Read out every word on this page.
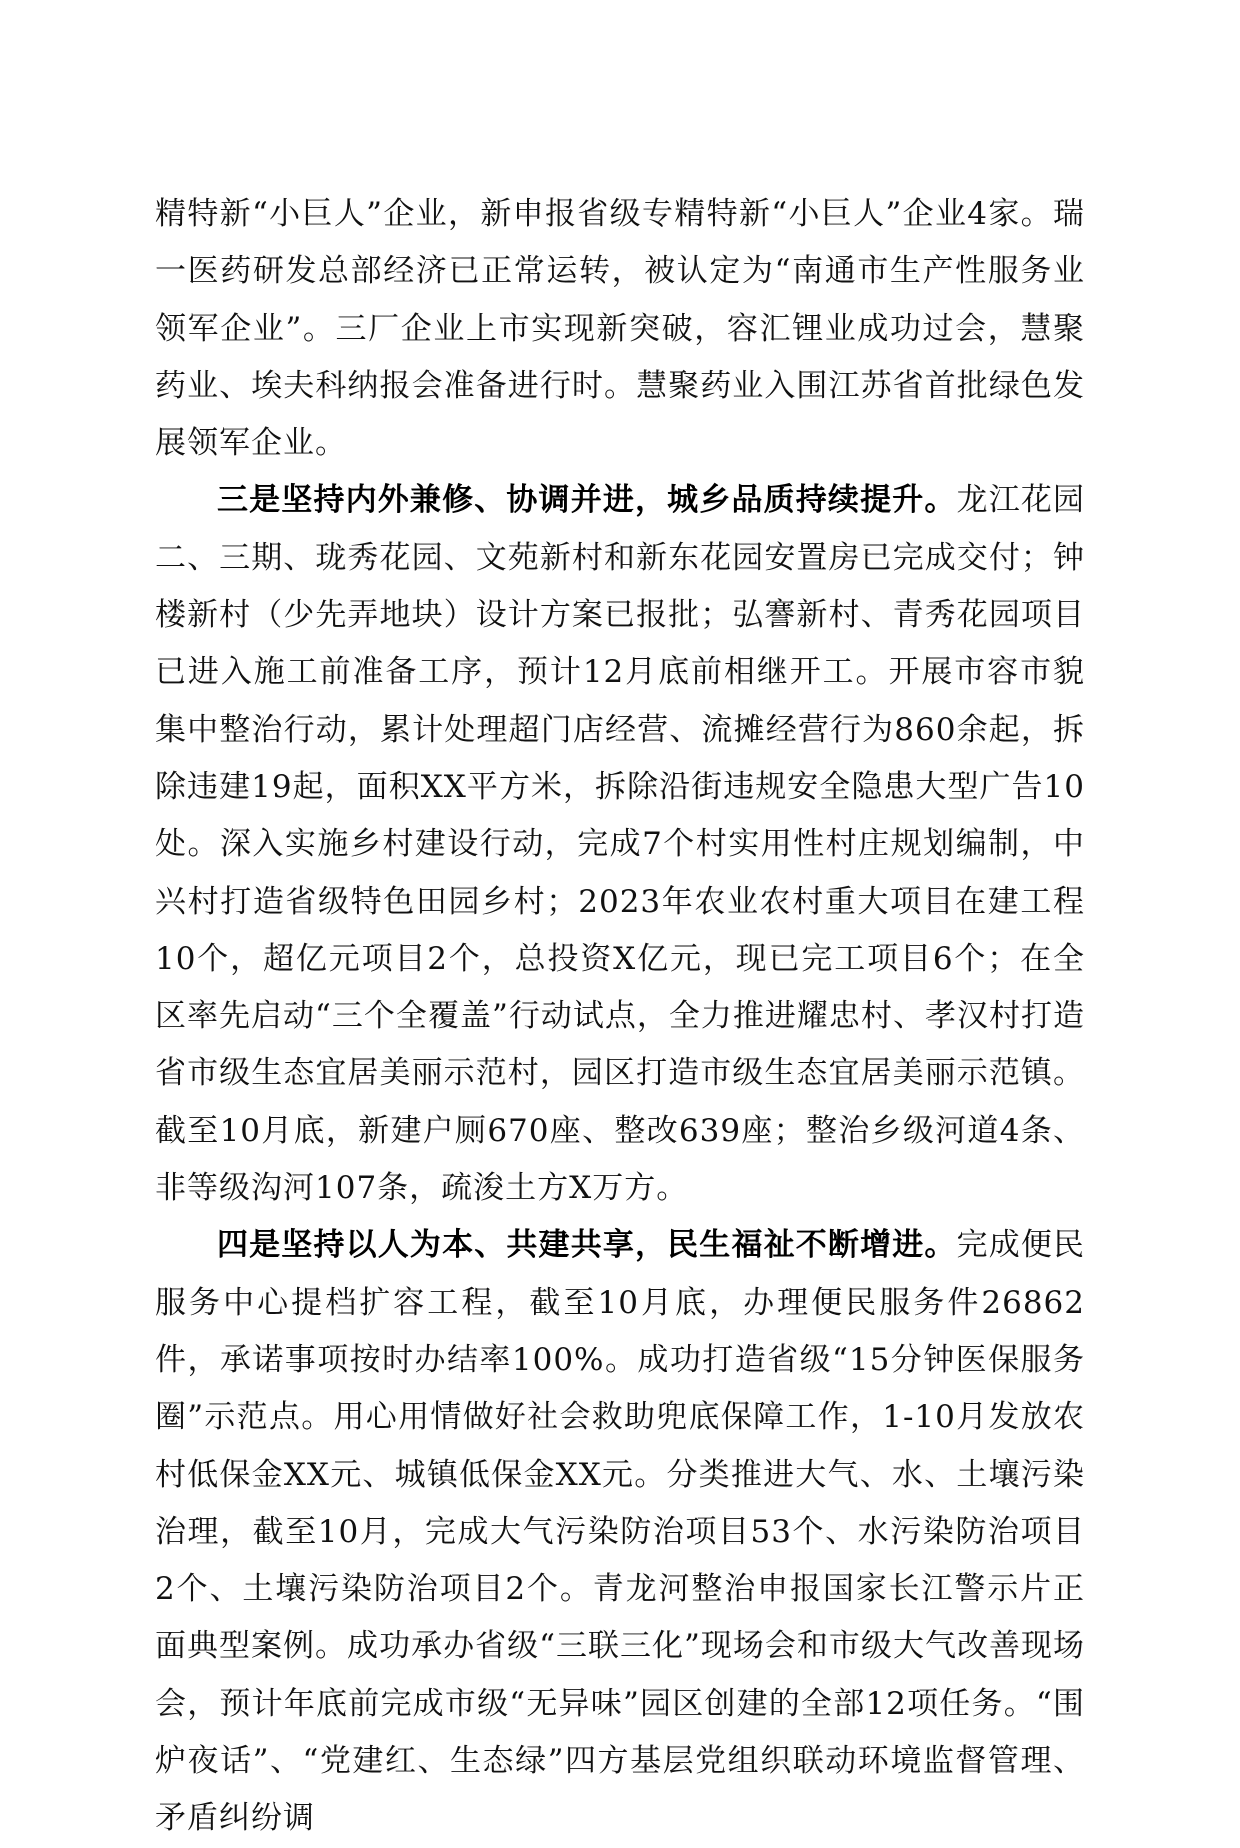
精特新“小巨人”企业，新申报省级专精特新“小巨人”企业4家。瑞一医药研发总部经济已正常运转，被认定为“南通市生产性服务业领军企业”。三厂企业上市实现新突破，容汇锂业成功过会，慧聚药业、埃夫科纳报会准备进行时。慧聚药业入围江苏省首批绿色发展领军企业。

三是坚持内外兼修、协调并进，城乡品质持续提升。龙江花园二、三期、珑秀花园、文苑新村和新东花园安置房已完成交付；钟楼新村（少先弄地块）设计方案已报批；弘謇新村、青秀花园项目已进入施工前准备工序，预计12月底前相继开工。开展市容市貌集中整治行动，累计处理超门店经营、流摊经营行为860余起，拆除违建19起，面积XX平方米，拆除沿街违规安全隐患大型广告10处。深入实施乡村建设行动，完成7个村实用性村庄规划编制，中兴村打造省级特色田园乡村；2023年农业农村重大项目在建工程10个，超亿元项目2个，总投资X亿元，现已完工项目6个；在全区率先启动“三个全覆盖”行动试点，全力推进耀忠村、孝汉村打造省市级生态宜居美丽示范村，园区打造市级生态宜居美丽示范镇。截至10月底，新建户厕670座、整改639座；整治乡级河道4条、非等级沟河107条，疏浚土方X万方。

四是坚持以人为本、共建共享，民生福祉不断增进。完成便民服务中心提档扩容工程，截至10月底，办理便民服务件26862件，承诺事项按时办结率100%。成功打造省级“15分钟医保服务圈”示范点。用心用情做好社会救助兜底保障工作，1-10月发放农村低保金XX元、城镇低保金XX元。分类推进大气、水、土壤污染治理，截至10月，完成大气污染防治项目53个、水污染防治项目2个、土壤污染防治项目2个。青龙河整治申报国家长江警示片正面典型案例。成功承办省级“三联三化”现场会和市级大气改善现场会，预计年底前完成市级“无异味”园区创建的全部12项任务。“围炉夜话”、“党建红、生态绿”四方基层党组织联动环境监督管理、矛盾纠纷调
